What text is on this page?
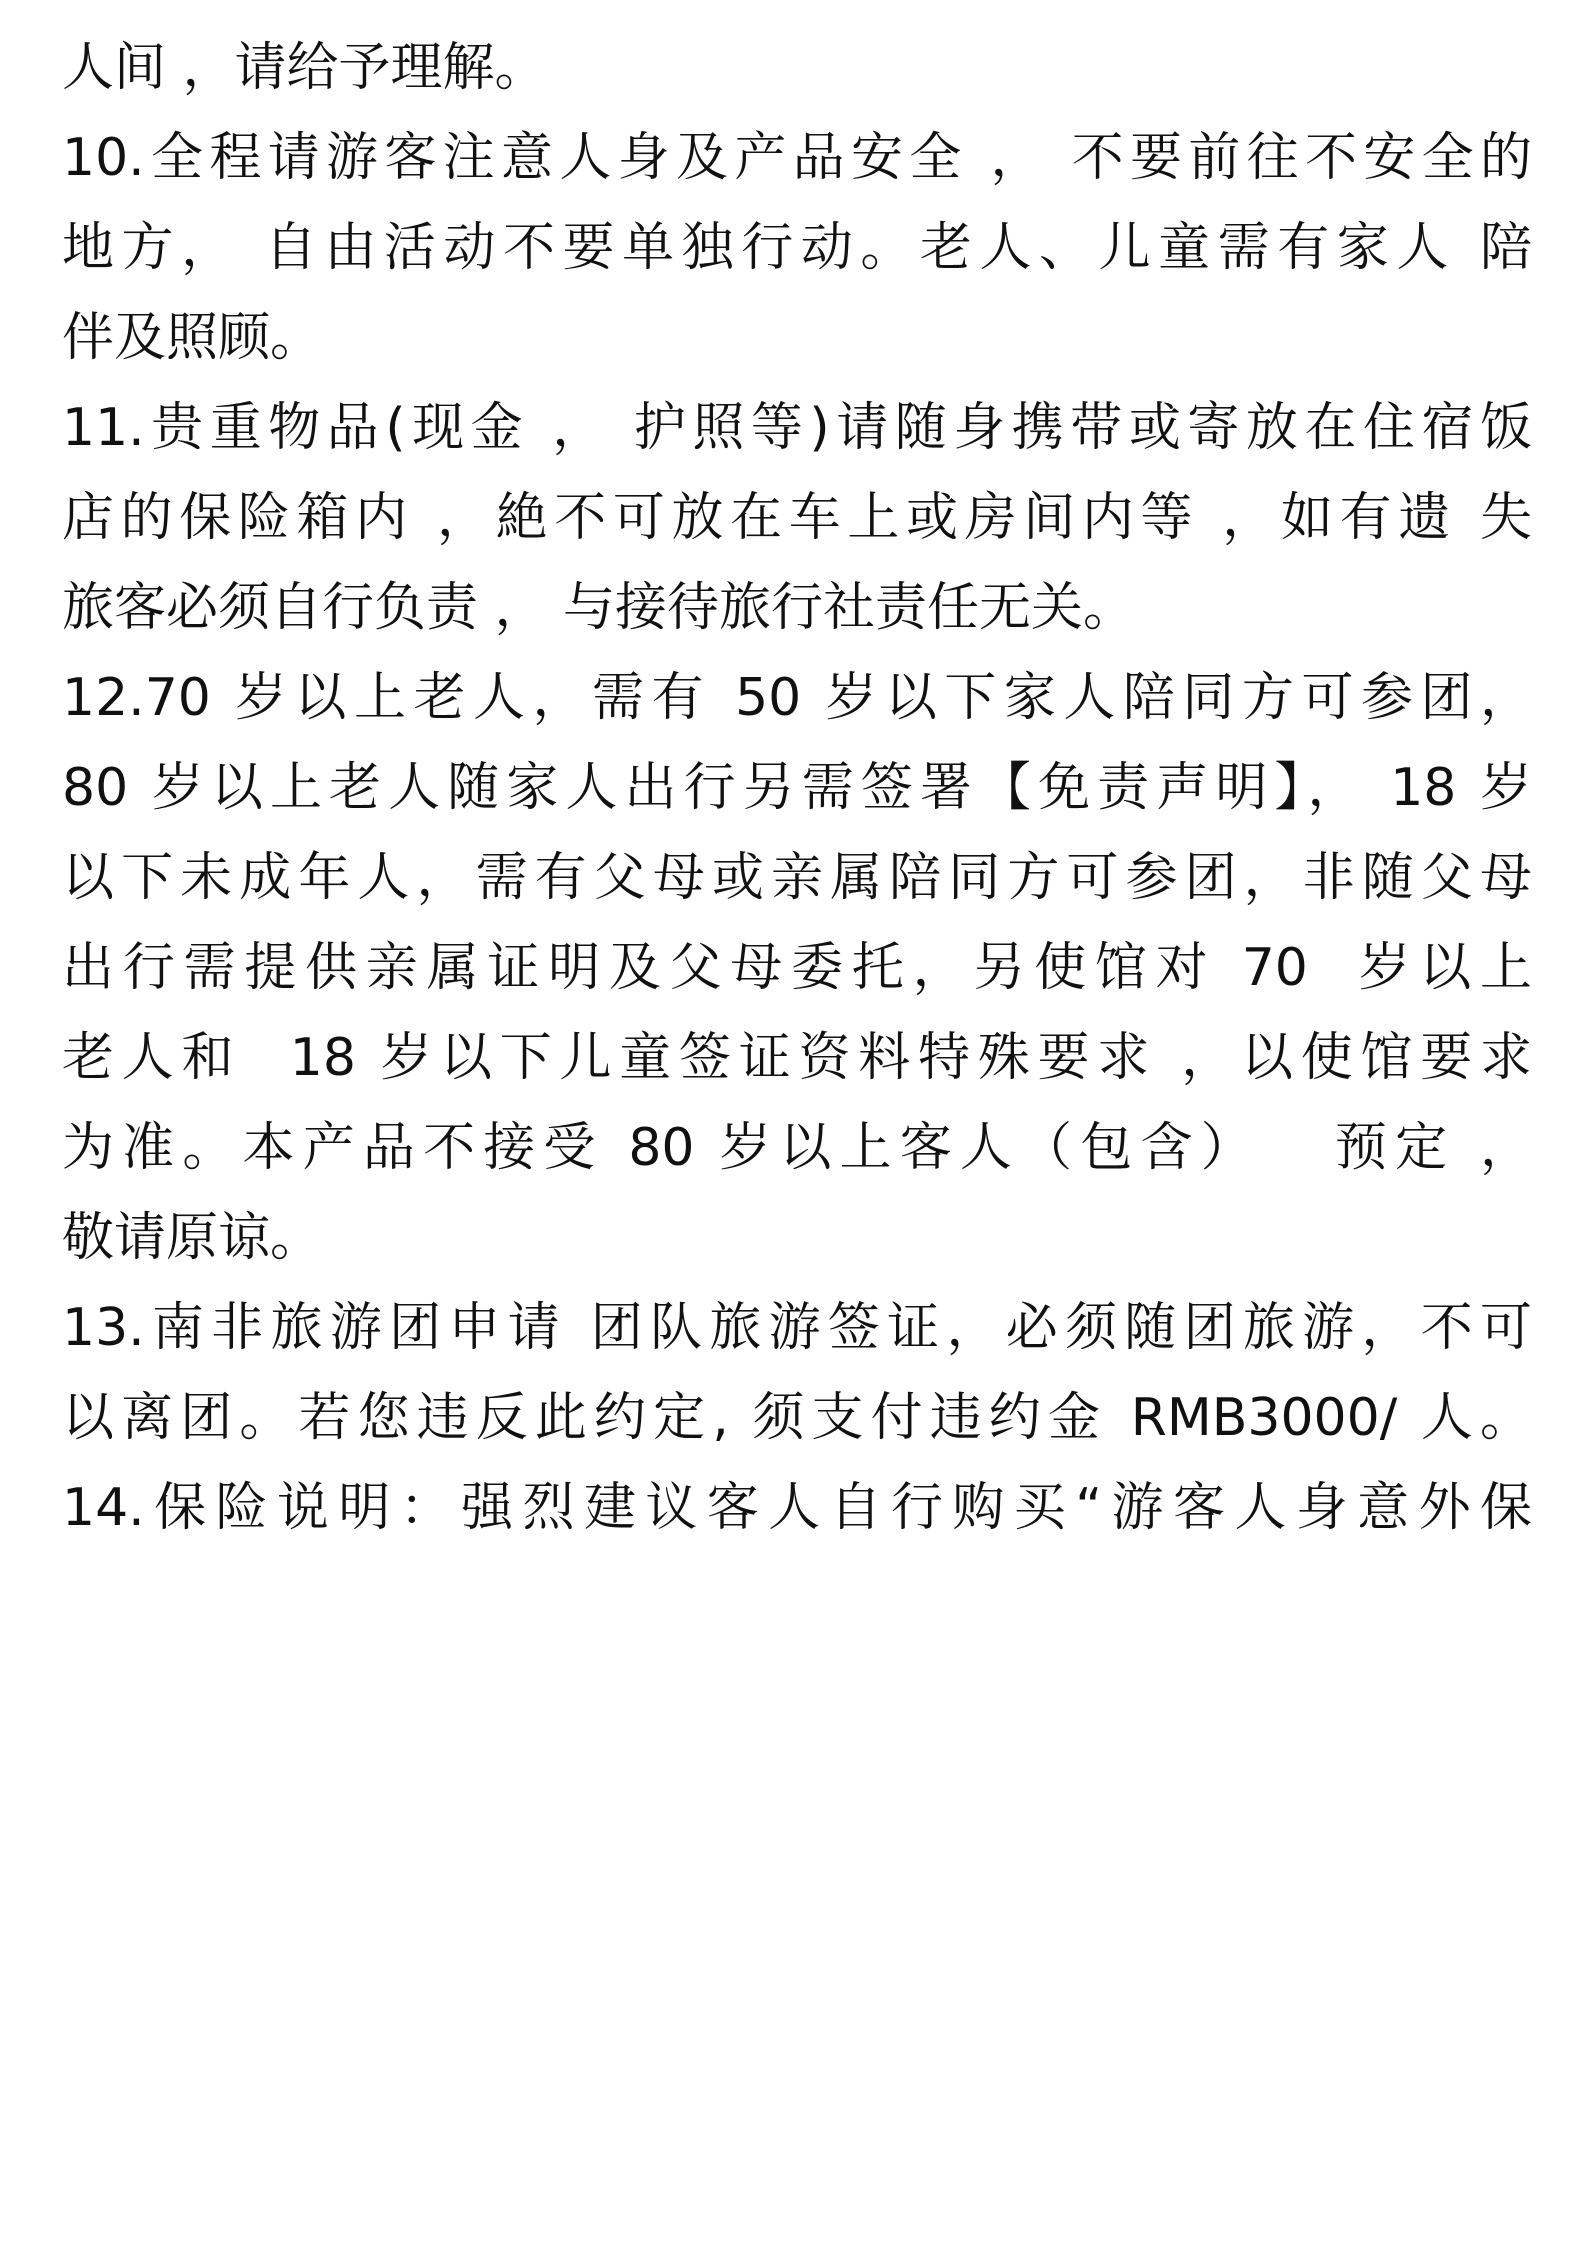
人间 ，请给予理解。
10.全程请游客注意人身及产品安全 ， 不要前往不安全的
地方， 自由活动不要单独行动。老人、儿童需有家人 陪
伴及照顾。
11.贵重物品(现金 ， 护照等)请随身携带或寄放在住宿饭
店的保险箱内 ，絶不可放在车上或房间内等 ，如有遗 失
旅客必须自行负责 ， 与接待旅行社责任无关。
12.70 岁以上老人，需有 50 岁以下家人陪同方可参团，
80 岁以上老人随家人出行另需签署【免责声明】， 18 岁
以下未成年人，需有父母或亲属陪同方可参团，非随父母
出行需提供亲属证明及父母委托，另使馆对 70  岁以上
老人和  18 岁以下儿童签证资料特殊要求 ，以使馆要求
为准。本产品不接受 80 岁以上客人（包含）   预定 ，
敬请原谅。
13.南非旅游团申请 团队旅游签证，必须随团旅游，不可
以离团。若您违反此约定, 须支付违约金 RMB3000/ 人。
14.保险说明：强烈建议客人自行购买“游客人身意外保
